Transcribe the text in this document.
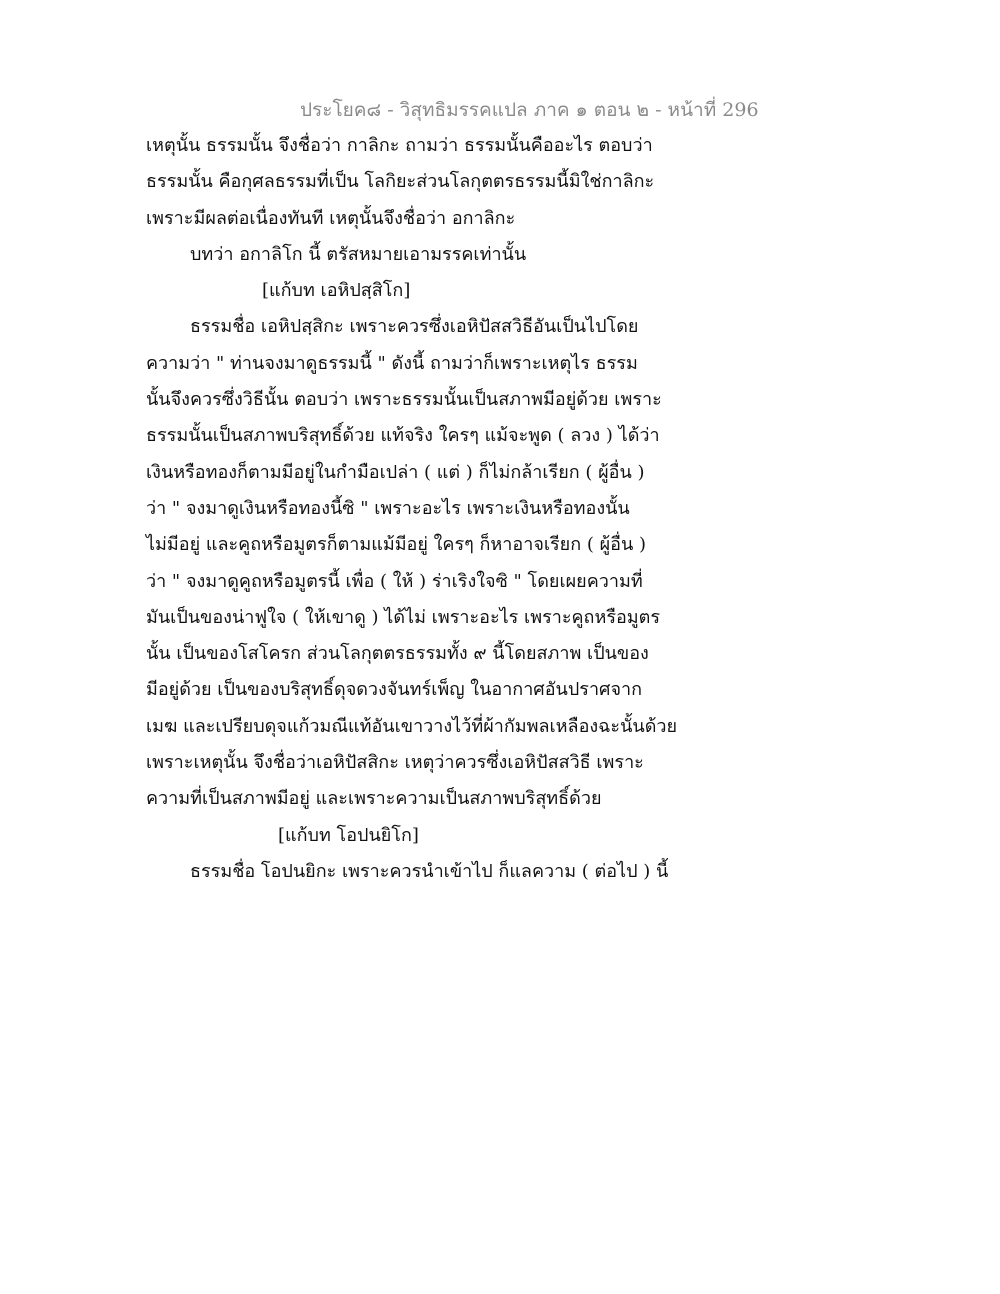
ประโยค๘ - วิสุทธิมรรคแปล ภาค ๑ ตอน ๒ - หน้าที่ 296
เหตุนั้น ธรรมนั้น จึงชื่อว่า กาลิกะ ถามว่า ธรรมนั้นคืออะไร ตอบว่า
ธรรมนั้น คือกุศลธรรมที่เป็น โลกิยะส่วนโลกุตตรธรรมนี้มิใช่กาลิกะ
เพราะมีผลต่อเนื่องทันที เหตุนั้นจึงชื่อว่า อกาลิกะ
บทว่า อกาลิโก นี้ ตรัสหมายเอามรรคเท่านั้น
[แก้บท เอหิปสฺสิโก]
ธรรมชื่อ เอหิปสฺสิกะ เพราะควรซึ่งเอหิปัสสวิธีอันเป็นไปโดย
ความว่า " ท่านจงมาดูธรรมนี้ " ดังนี้ ถามว่าก็เพราะเหตุไร ธรรม
นั้นจึงควรซึ่งวิธีนั้น ตอบว่า เพราะธรรมนั้นเป็นสภาพมีอยู่ด้วย เพราะ
ธรรมนั้นเป็นสภาพบริสุทธิ์ด้วย แท้จริง ใครๆ แม้จะพูด ( ลวง ) ได้ว่า
เงินหรือทองก็ตามมีอยู่ในกำมือเปล่า ( แต่ ) ก็ไม่กล้าเรียก ( ผู้อื่น )
ว่า " จงมาดูเงินหรือทองนี้ซิ " เพราะอะไร เพราะเงินหรือทองนั้น
ไม่มีอยู่ และคูถหรือมูตรก็ตามแม้มีอยู่ ใครๆ ก็หาอาจเรียก ( ผู้อื่น )
ว่า " จงมาดูคูถหรือมูตรนี้ เพื่อ ( ให้ ) ร่าเริงใจซิ " โดยเผยความที่
มันเป็นของน่าฟูใจ ( ให้เขาดู ) ได้ไม่ เพราะอะไร เพราะคูถหรือมูตร
นั้น เป็นของโสโครก ส่วนโลกุตตรธรรมทั้ง ๙ นี้โดยสภาพ เป็นของ
มีอยู่ด้วย เป็นของบริสุทธิ์ดุจดวงจันทร์เพ็ญ ในอากาศอันปราศจาก
เมฆ และเปรียบดุจแก้วมณีแท้อันเขาวางไว้ที่ผ้ากัมพลเหลืองฉะนั้นด้วย
เพราะเหตุนั้น จึงชื่อว่าเอหิปัสสิกะ เหตุว่าควรซึ่งเอหิปัสสวิธี เพราะ
ความที่เป็นสภาพมีอยู่ และเพราะความเป็นสภาพบริสุทธิ์ด้วย
[แก้บท โอปนยิโก]
ธรรมชื่อ โอปนยิกะ เพราะควรนำเข้าไป ก็แลความ ( ต่อไป ) นี้
